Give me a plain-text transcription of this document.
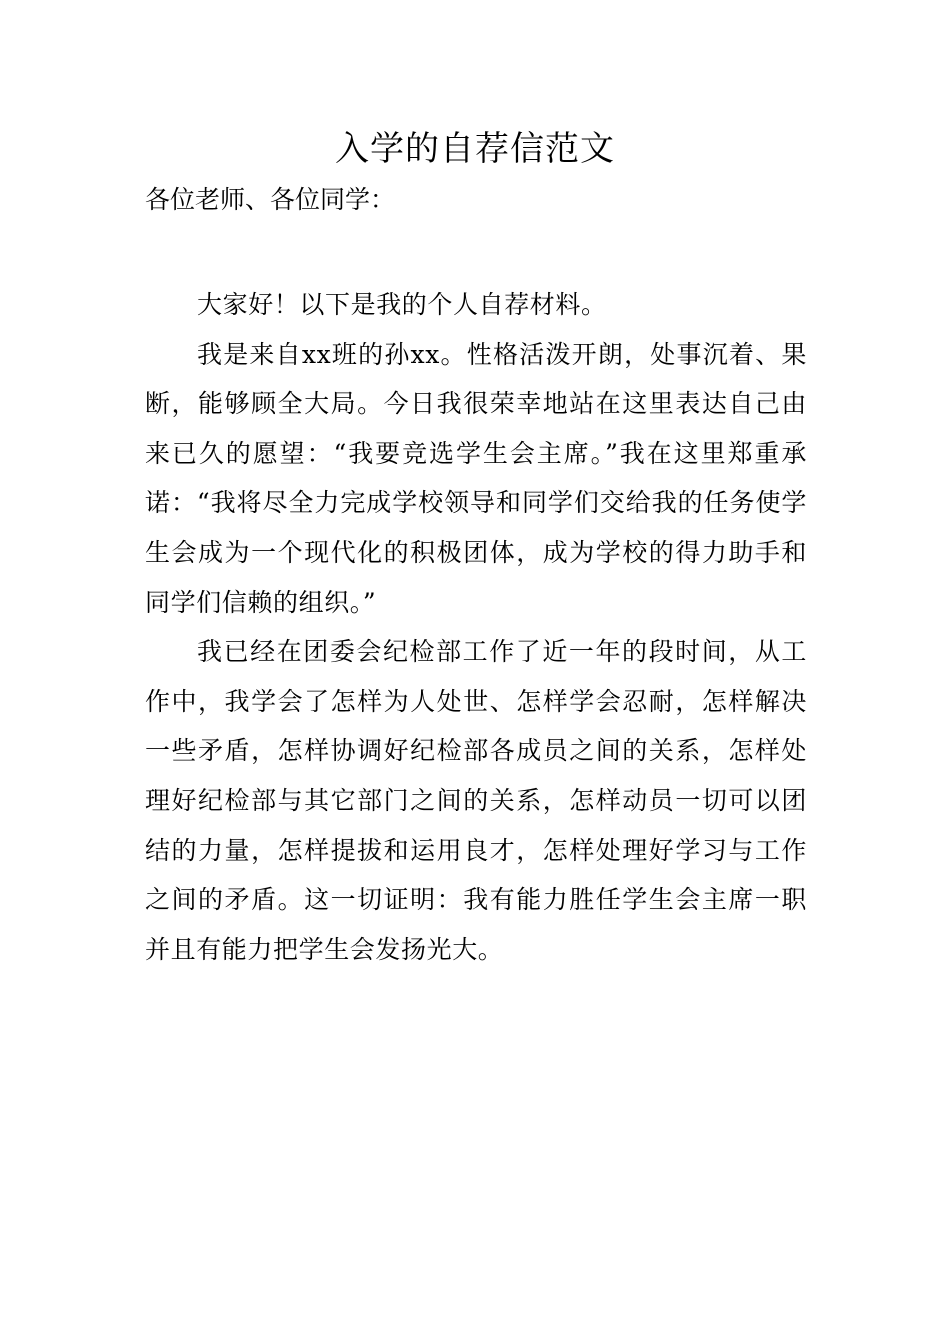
入学的自荐信范文

各位老师、各位同学：

大家好！以下是我的个人自荐材料。

我是来自xx班的孙xx。性格活泼开朗，处事沉着、果断，能够顾全大局。今日我很荣幸地站在这里表达自己由来已久的愿望：“我要竞选学生会主席。”我在这里郑重承诺：“我将尽全力完成学校领导和同学们交给我的任务使学生会成为一个现代化的积极团体，成为学校的得力助手和同学们信赖的组织。”

我已经在团委会纪检部工作了近一年的段时间，从工作中，我学会了怎样为人处世、怎样学会忍耐，怎样解决一些矛盾，怎样协调好纪检部各成员之间的关系，怎样处理好纪检部与其它部门之间的关系，怎样动员一切可以团结的力量，怎样提拔和运用良才，怎样处理好学习与工作之间的矛盾。这一切证明：我有能力胜任学生会主席一职并且有能力把学生会发扬光大。
